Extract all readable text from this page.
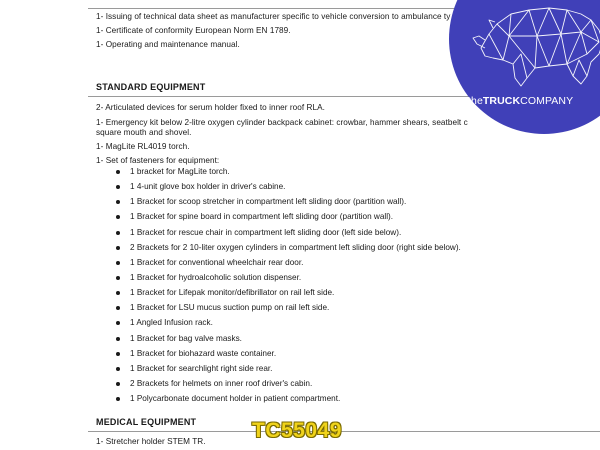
1- Issuing of technical data sheet as manufacturer specific to vehicle conversion to ambulance ty
1- Certificate of conformity European Norm EN 1789.
1- Operating and maintenance manual.
STANDARD EQUIPMENT
2- Articulated devices for serum holder fixed to inner roof RLA.
1- Emergency kit below 2-litre oxygen cylinder backpack cabinet: crowbar, hammer shears, seatbelt c
square mouth and shovel.
1- MagLite RL4019 torch.
1- Set of fasteners for equipment:
1 bracket for MagLite torch.
1 4-unit glove box holder in driver's cabine.
1 Bracket for scoop stretcher in compartment left sliding door (partition wall).
1 Bracket for spine board in compartment left sliding door (partition wall).
1 Bracket for rescue chair in compartment left sliding door (left side below).
2 Brackets for 2 10-liter oxygen cylinders in compartment left sliding door (right side below).
1 Bracket for conventional wheelchair rear door.
1 Bracket for hydroalcoholic solution dispenser.
1 Bracket for Lifepak monitor/defibrillator on rail left side.
1 Bracket for LSU mucus suction pump on rail left side.
1 Angled Infusion rack.
1 Bracket for bag valve masks.
1 Bracket for biohazard waste container.
1 Bracket for searchlight right side rear.
2 Brackets for helmets on inner roof driver's cabin.
1 Polycarbonate document holder in patient compartment.
MEDICAL EQUIPMENT
1- Stretcher holder STEM TR.
theTRUCKCOMPANY
TC55049
